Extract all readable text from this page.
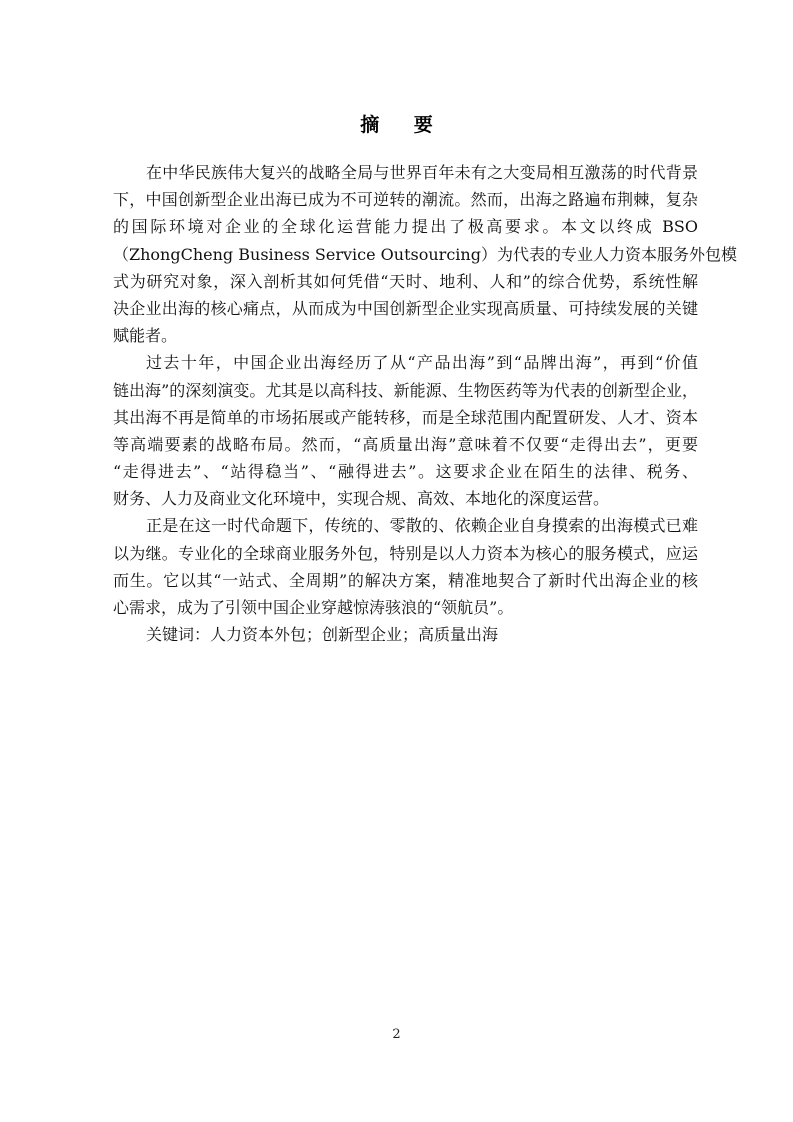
摘 要
在中华民族伟大复兴的战略全局与世界百年未有之大变局相互激荡的时代背景
下，中国创新型企业出海已成为不可逆转的潮流。然而，出海之路遍布荆棘，复杂
的国际环境对企业的全球化运营能力提出了极高要求。本文以终成 BSO
（ZhongCheng Business Service Outsourcing）为代表的专业人力资本服务外包模
式为研究对象，深入剖析其如何凭借“天时、地利、人和”的综合优势，系统性解
决企业出海的核心痛点，从而成为中国创新型企业实现高质量、可持续发展的关键
赋能者。
过去十年，中国企业出海经历了从“产品出海”到“品牌出海”，再到“价值
链出海”的深刻演变。尤其是以高科技、新能源、生物医药等为代表的创新型企业，
其出海不再是简单的市场拓展或产能转移，而是全球范围内配置研发、人才、资本
等高端要素的战略布局。然而，“高质量出海”意味着不仅要“走得出去”，更要
“走得进去”、“站得稳当”、“融得进去”。这要求企业在陌生的法律、税务、
财务、人力及商业文化环境中，实现合规、高效、本地化的深度运营。
正是在这一时代命题下，传统的、零散的、依赖企业自身摸索的出海模式已难
以为继。专业化的全球商业服务外包，特别是以人力资本为核心的服务模式，应运
而生。它以其“一站式、全周期”的解决方案，精准地契合了新时代出海企业的核
心需求，成为了引领中国企业穿越惊涛骇浪的“领航员”。
关键词：人力资本外包；创新型企业；高质量出海
2
